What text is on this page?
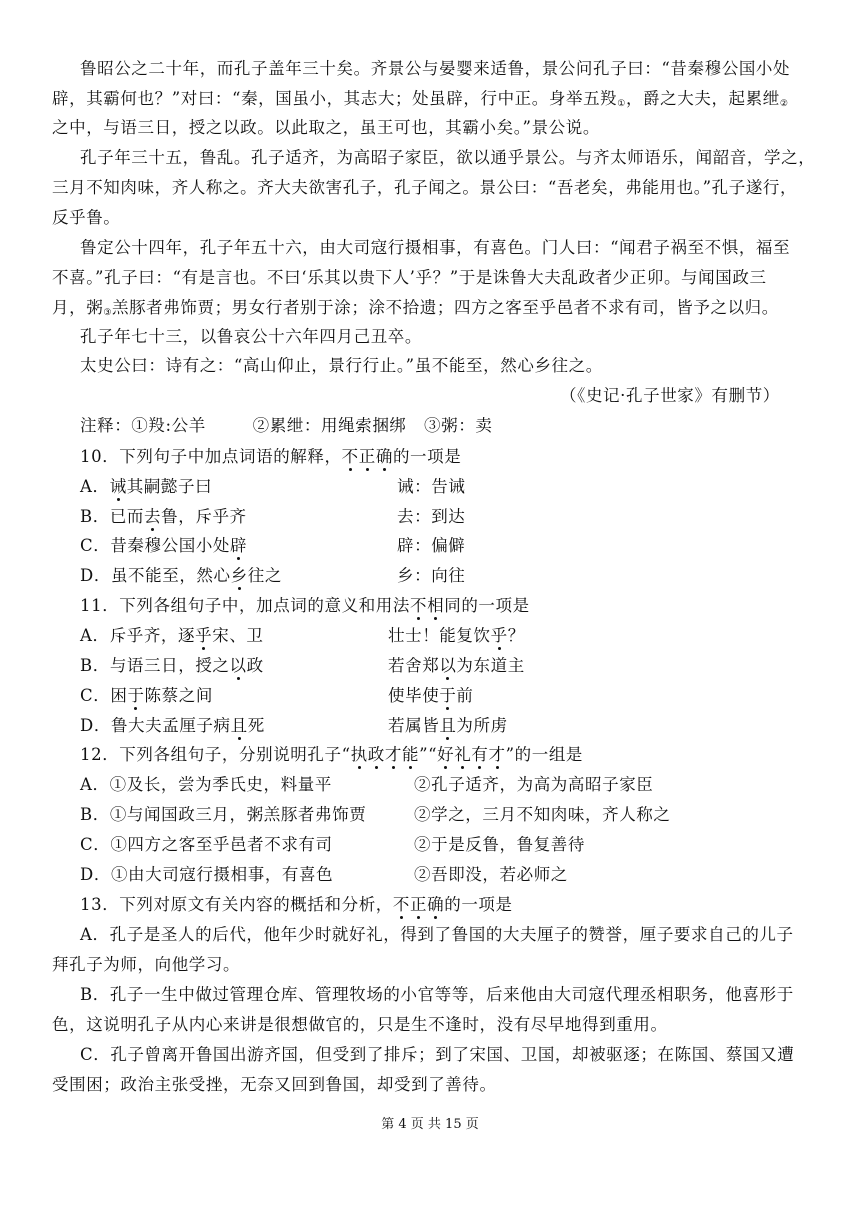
鲁昭公之二十年，而孔子盖年三十矣。齐景公与晏婴来适鲁，景公问孔子曰：“昔秦穆公国小处
辟，其霸何也？”对曰：“秦，国虽小，其志大；处虽辟，行中正。身举五羖$_①$，爵之大夫，起累绁$_②$
之中，与语三日，授之以政。以此取之，虽王可也，其霸小矣。”景公说。
孔子年三十五，鲁乱。孔子适齐，为高昭子家臣，欲以通乎景公。与齐太师语乐，闻韶音，学之，
三月不知肉味，齐人称之。齐大夫欲害孔子，孔子闻之。景公曰：“吾老矣，弗能用也。”孔子遂行，
反乎鲁。
鲁定公十四年，孔子年五十六，由大司寇行摄相事，有喜色。门人曰：“闻君子祸至不惧，福至
不喜。”孔子曰：“有是言也。不曰‘乐其以贵下人’乎？”于是诛鲁大夫乱政者少正卯。与闻国政三
月，粥$_③$羔豚者弗饰贾；男女行者别于涂；涂不拾遗；四方之客至乎邑者不求有司，皆予之以归。
孔子年七十三，以鲁哀公十六年四月己丑卒。
太史公曰：诗有之：“高山仰止，景行行止。”虽不能至，然心乡往之。
（《史记·孔子世家》有删节）
注释：①羖:公羊        ②累绁：用绳索捆绑   ③粥：卖
10．下列句子中加点词语的解释，不正确的一项是
A．诫其嗣懿子曰	诫：告诫
B．已而去鲁，斥乎齐	去：到达
C．昔秦穆公国小处辟	辟：偏僻
D．虽不能至，然心乡往之	乡：向往
11．下列各组句子中，加点词的意义和用法不相同的一项是
A．斥乎齐，逐乎宋、卫	壮士！能复饮乎？
B．与语三日，授之以政	若舍郑以为东道主
C．困于陈蔡之间	使毕使于前
D．鲁大夫孟厘子病且死	若属皆且为所虏
12．下列各组句子，分别说明孔子“执政才能”“好礼有才”的一组是
A．①及长，尝为季氏史，料量平	②孔子适齐，为高为高昭子家臣
B．①与闻国政三月，粥羔豚者弗饰贾	②学之，三月不知肉味，齐人称之
C．①四方之客至乎邑者不求有司	②于是反鲁，鲁复善待
D．①由大司寇行摄相事，有喜色	②吾即没，若必师之
13．下列对原文有关内容的概括和分析，不正确的一项是
A．孔子是圣人的后代，他年少时就好礼，得到了鲁国的大夫厘子的赞誉，厘子要求自己的儿子
拜孔子为师，向他学习。
B．孔子一生中做过管理仓库、管理牧场的小官等等，后来他由大司寇代理丞相职务，他喜形于
色，这说明孔子从内心来讲是很想做官的，只是生不逢时，没有尽早地得到重用。
C．孔子曾离开鲁国出游齐国，但受到了排斥；到了宋国、卫国，却被驱逐；在陈国、蔡国又遭
受围困；政治主张受挫，无奈又回到鲁国，却受到了善待。
第 4 页 共 15 页
